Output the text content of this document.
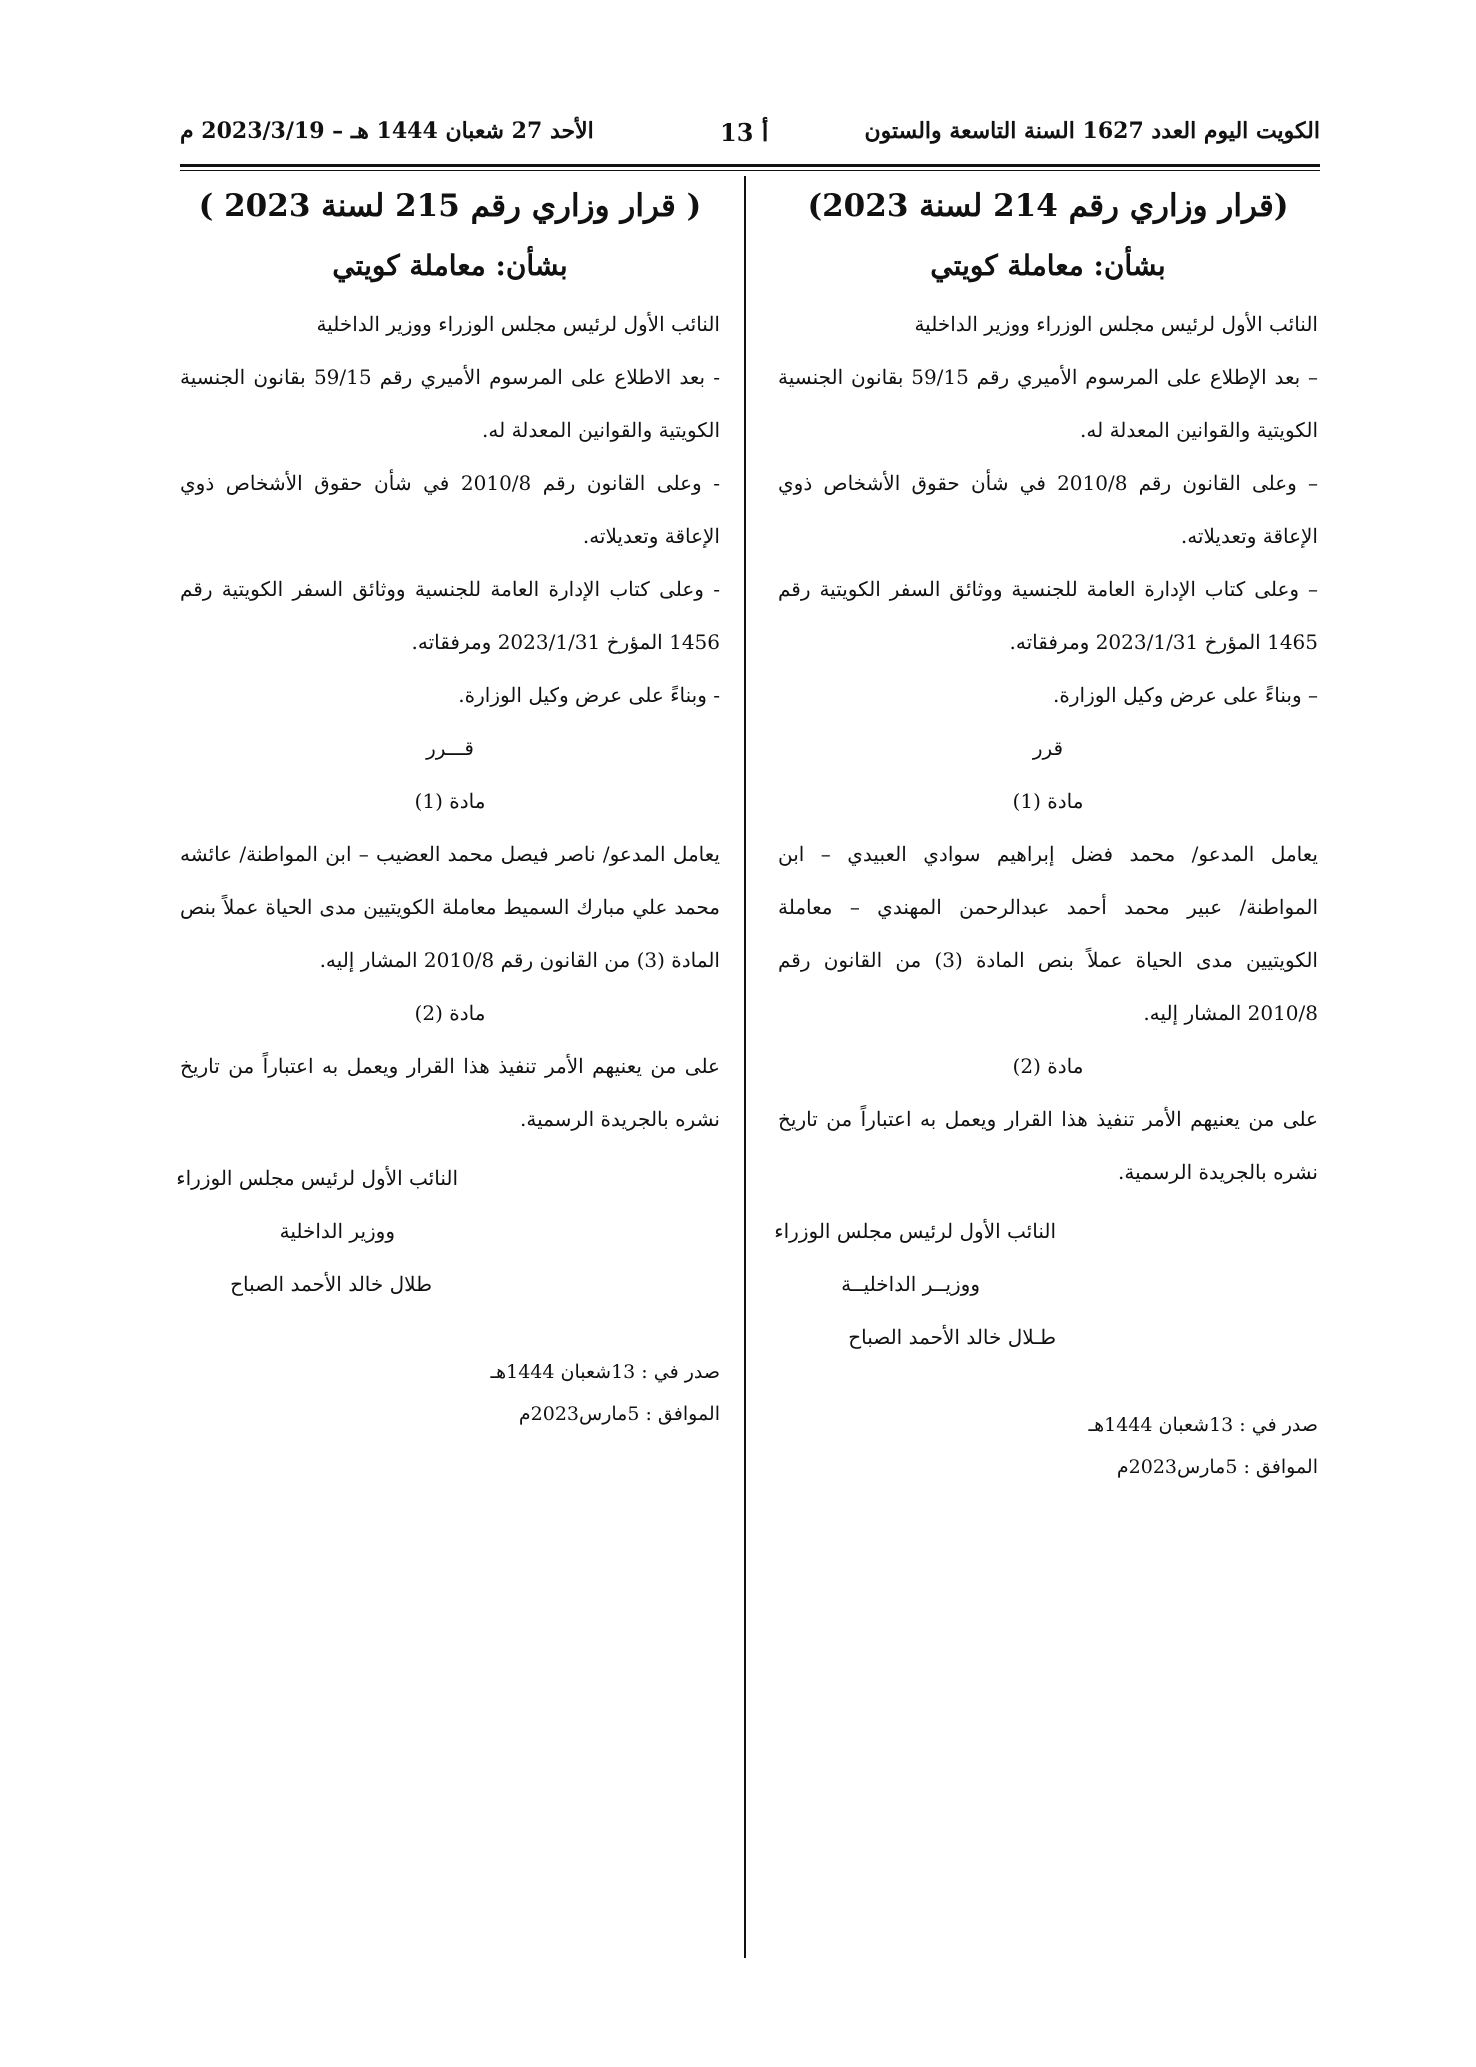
الكويت اليوم العدد 1627 السنة التاسعة والستون
أ 13
الأحد 27 شعبان 1444 هـ – 2023/3/19 م
(قرار وزاري رقم 214 لسنة 2023)
بشأن: معاملة كويتي

النائب الأول لرئيس مجلس الوزراء ووزير الداخلية

– بعد الإطلاع على المرسوم الأميري رقم 59/15 بقانون الجنسية الكويتية والقوانين المعدلة له.

– وعلى القانون رقم 2010/8 في شأن حقوق الأشخاص ذوي الإعاقة وتعديلاته.

– وعلى كتاب الإدارة العامة للجنسية ووثائق السفر الكويتية رقم 1465 المؤرخ 2023/1/31 ومرفقاته.

– وبناءً على عرض وكيل الوزارة.

قرر

مادة (1)

يعامل المدعو/ محمد فضل إبراهيم سوادي العبيدي – ابن المواطنة/ عبير محمد أحمد عبدالرحمن المهندي – معاملة الكويتيين مدى الحياة عملاً بنص المادة (3) من القانون رقم 2010/8 المشار إليه.

مادة (2)

على من يعنيهم الأمر تنفيذ هذا القرار ويعمل به اعتباراً من تاريخ نشره بالجريدة الرسمية.

النائب الأول لرئيس مجلس الوزراء
ووزيــر الداخليــة
طـلال خالد الأحمد الصباح

صدر في : 13شعبان 1444هـ

الموافق : 5مارس2023م

( قرار وزاري رقم 215 لسنة 2023 )
بشأن: معاملة كويتي

النائب الأول لرئيس مجلس الوزراء ووزير الداخلية

- بعد الاطلاع على المرسوم الأميري رقم 59/15 بقانون الجنسية الكويتية والقوانين المعدلة له.

- وعلى القانون رقم 2010/8 في شأن حقوق الأشخاص ذوي الإعاقة وتعديلاته.

- وعلى كتاب الإدارة العامة للجنسية ووثائق السفر الكويتية رقم 1456 المؤرخ 2023/1/31 ومرفقاته.

- وبناءً على عرض وكيل الوزارة.

قـــرر

مادة (1)

يعامل المدعو/ ناصر فيصل محمد العضيب – ابن المواطنة/ عائشه محمد علي مبارك السميط معاملة الكويتيين مدى الحياة عملاً بنص المادة (3) من القانون رقم 2010/8 المشار إليه.

مادة (2)

على من يعنيهم الأمر تنفيذ هذا القرار ويعمل به اعتباراً من تاريخ نشره بالجريدة الرسمية.

النائب الأول لرئيس مجلس الوزراء
ووزير الداخلية
طلال خالد الأحمد الصباح

صدر في : 13شعبان 1444هـ

الموافق : 5مارس2023م
